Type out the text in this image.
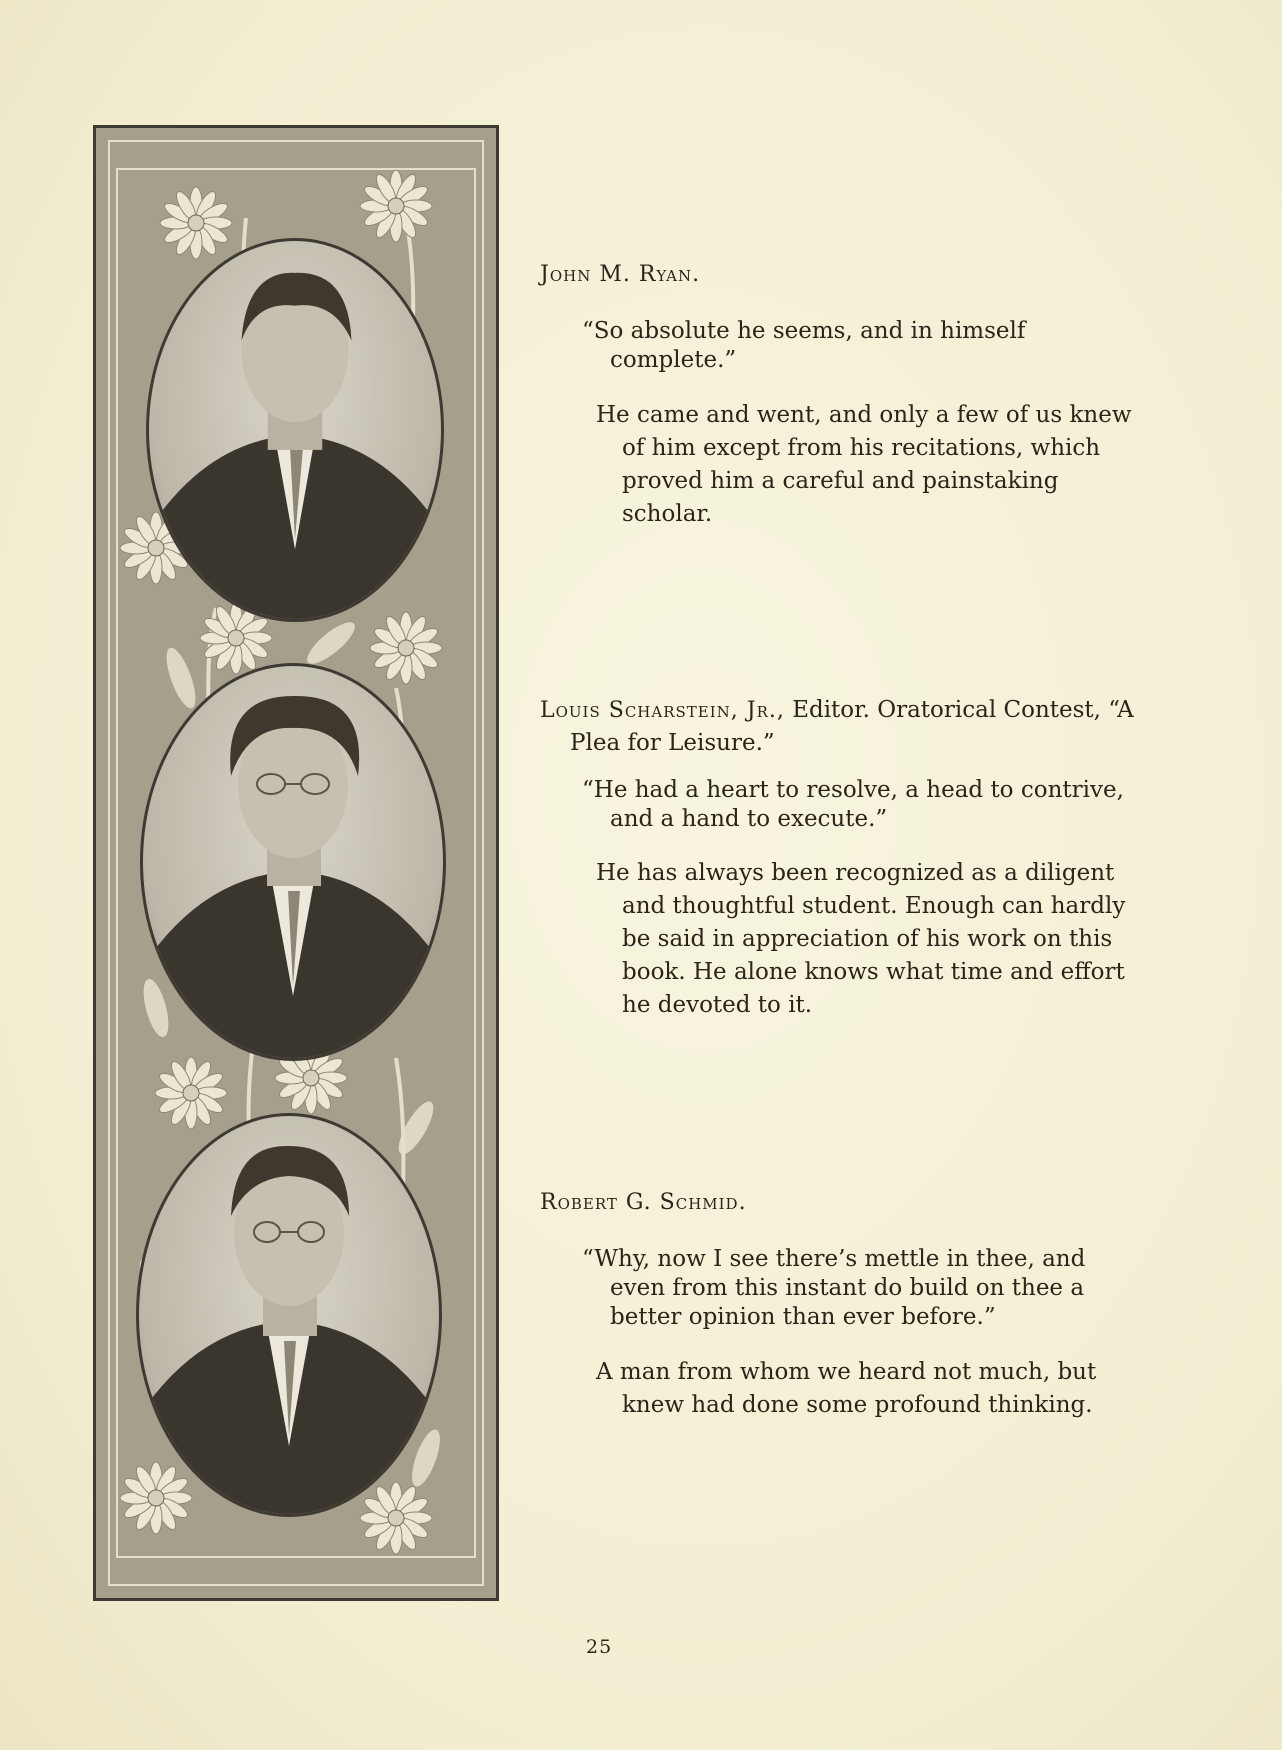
John M. Ryan.

“So absolute he seems, and in himself complete.”

He came and went, and only a few of us knew of him except from his recitations, which proved him a careful and painstaking scholar.

Louis Scharstein, Jr., Editor. Oratorical Contest, “A Plea for Leisure.”

“He had a heart to resolve, a head to contrive, and a hand to execute.”

He has always been recognized as a diligent and thoughtful student. Enough can hardly be said in appreciation of his work on this book. He alone knows what time and effort he devoted to it.

Robert G. Schmid.

“Why, now I see there’s mettle in thee, and even from this instant do build on thee a better opinion than ever before.”

A man from whom we heard not much, but knew had done some profound thinking.

25
